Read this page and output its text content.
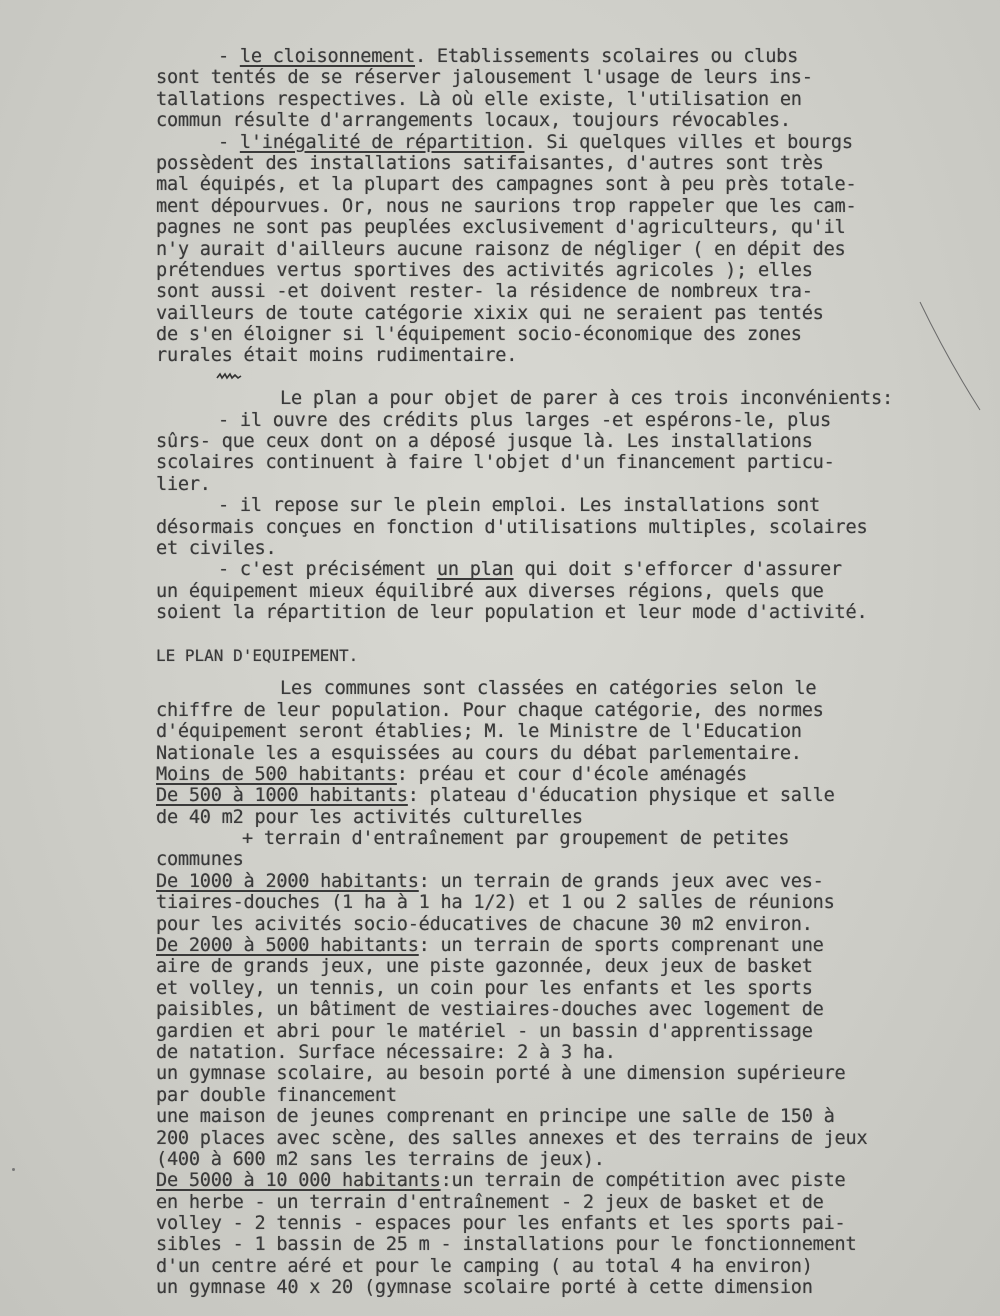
- le cloisonnement. Etablissements scolaires ou clubs
sont tentés de se réserver jalousement l'usage de leurs ins-
tallations respectives. Là où elle existe, l'utilisation en
commun résulte d'arrangements locaux, toujours révocables.
- l'inégalité de répartition. Si quelques villes et bourgs
possèdent des installations satifaisantes, d'autres sont très
mal équipés, et la plupart des campagnes sont à peu près totale-
ment dépourvues. Or, nous ne saurions trop rappeler que les cam-
pagnes ne sont pas peuplées exclusivement d'agriculteurs, qu'il
n'y aurait d'ailleurs aucune raisonz de négliger ( en dépit des
prétendues vertus sportives des activités agricoles ); elles
sont aussi -et doivent rester- la résidence de nombreux tra-
vailleurs de toute catégorie xixix qui ne seraient pas tentés
de s'en éloigner si l'équipement socio-économique des zones
rurales était moins rudimentaire.
Le plan a pour objet de parer à ces trois inconvénients:
- il ouvre des crédits plus larges -et espérons-le, plus
sûrs- que ceux dont on a déposé jusque là. Les installations
scolaires continuent à faire l'objet d'un financement particu-
lier.
- il repose sur le plein emploi. Les installations sont
désormais conçues en fonction d'utilisations multiples, scolaires
et civiles.
- c'est précisément un plan qui doit s'efforcer d'assurer
un équipement mieux équilibré aux diverses régions, quels que
soient la répartition de leur population et leur mode d'activité.
LE PLAN D'EQUIPEMENT.
Les communes sont classées en catégories selon le
chiffre de leur population. Pour chaque catégorie, des normes
d'équipement seront établies; M. le Ministre de l'Education
Nationale les a esquissées au cours du débat parlementaire.
Moins de 500 habitants: préau et cour d'école aménagés
De 500 à 1000 habitants: plateau d'éducation physique et salle
de 40 m2 pour les activités culturelles
+ terrain d'entraînement par groupement de petites
communes
De 1000 à 2000 habitants: un terrain de grands jeux avec ves-
tiaires-douches (1 ha à 1 ha 1/2) et 1 ou 2 salles de réunions
pour les acivités socio-éducatives de chacune 30 m2 environ.
De 2000 à 5000 habitants: un terrain de sports comprenant une
aire de grands jeux, une piste gazonnée, deux jeux de basket
et volley, un tennis, un coin pour les enfants et les sports
paisibles, un bâtiment de vestiaires-douches avec logement de
gardien et abri pour le matériel - un bassin d'apprentissage
de natation. Surface nécessaire: 2 à 3 ha.
un gymnase scolaire, au besoin porté à une dimension supérieure
par double financement
une maison de jeunes comprenant en principe une salle de 150 à
200 places avec scène, des salles annexes et des terrains de jeux
(400 à 600 m2 sans les terrains de jeux).
De 5000 à 10 000 habitants:un terrain de compétition avec piste
en herbe - un terrain d'entraînement - 2 jeux de basket et de
volley - 2 tennis - espaces pour les enfants et les sports pai-
sibles - 1 bassin de 25 m - installations pour le fonctionnement
d'un centre aéré et pour le camping ( au total 4 ha environ)
un gymnase 40 x 20 (gymnase scolaire porté à cette dimension
